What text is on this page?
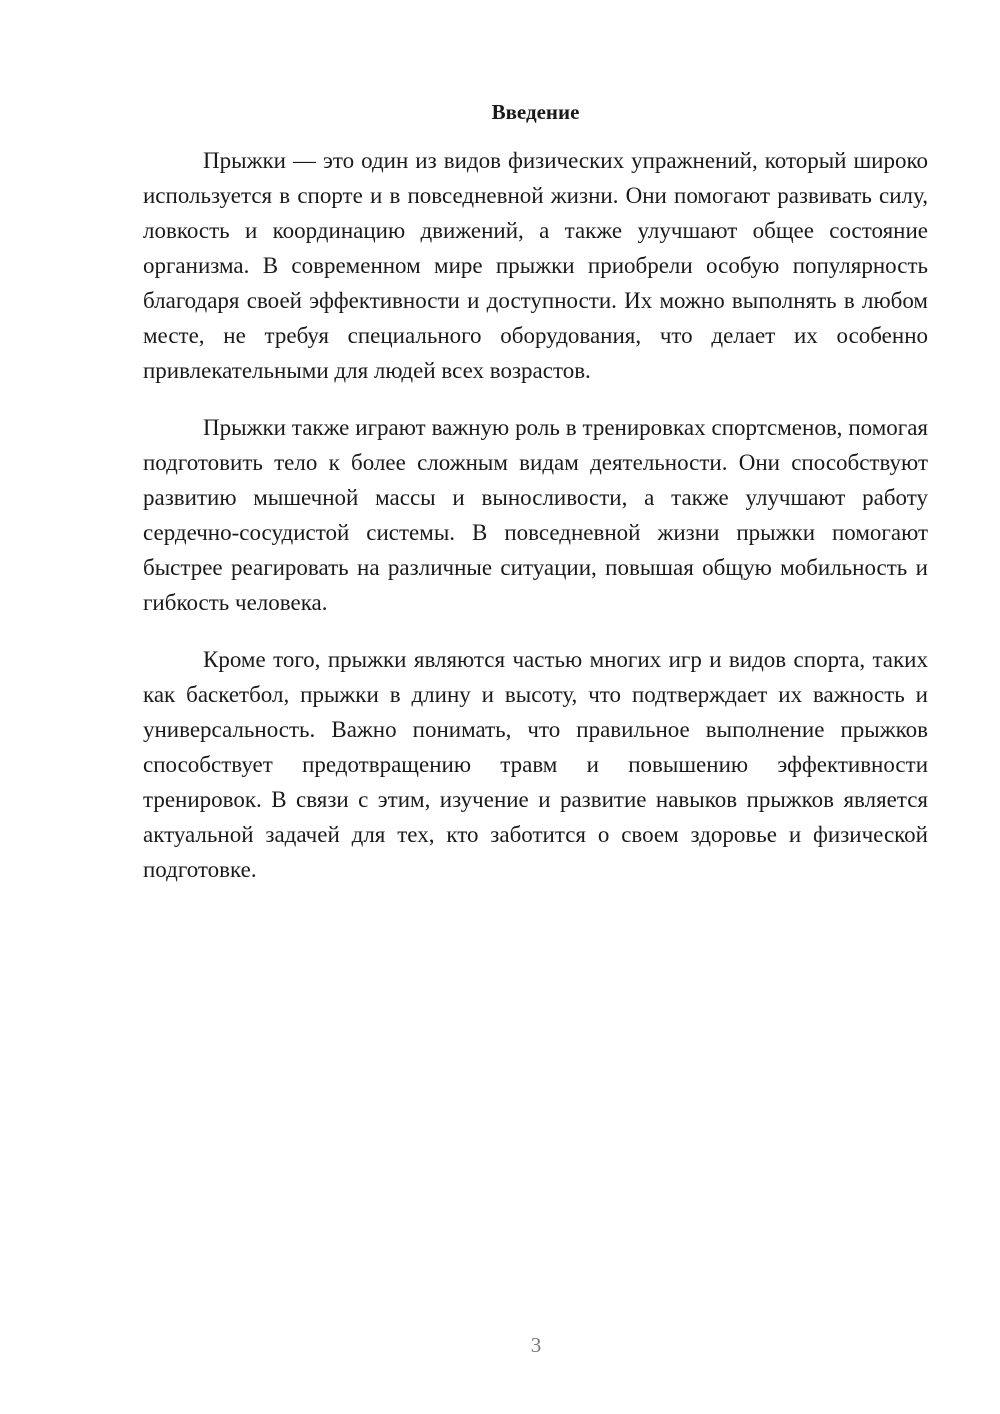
Введение

Прыжки — это один из видов физических упражнений, который широко используется в спорте и в повседневной жизни. Они помогают развивать силу, ловкость и координацию движений, а также улучшают общее состояние организма. В современном мире прыжки приобрели особую популярность благодаря своей эффективности и доступности. Их можно выполнять в любом месте, не требуя специального оборудования, что делает их особенно привлекательными для людей всех возрастов.

Прыжки также играют важную роль в тренировках спортсменов, помогая подготовить тело к более сложным видам деятельности. Они способствуют развитию мышечной массы и выносливости, а также улучшают работу сердечно-сосудистой системы. В повседневной жизни прыжки помогают быстрее реагировать на различные ситуации, повышая общую мобильность и гибкость человека.

Кроме того, прыжки являются частью многих игр и видов спорта, таких как баскетбол, прыжки в длину и высоту, что подтверждает их важность и универсальность. Важно понимать, что правильное выполнение прыжков способствует предотвращению травм и повышению эффективности тренировок. В связи с этим, изучение и развитие навыков прыжков является актуальной задачей для тех, кто заботится о своем здоровье и физической подготовке.

3
